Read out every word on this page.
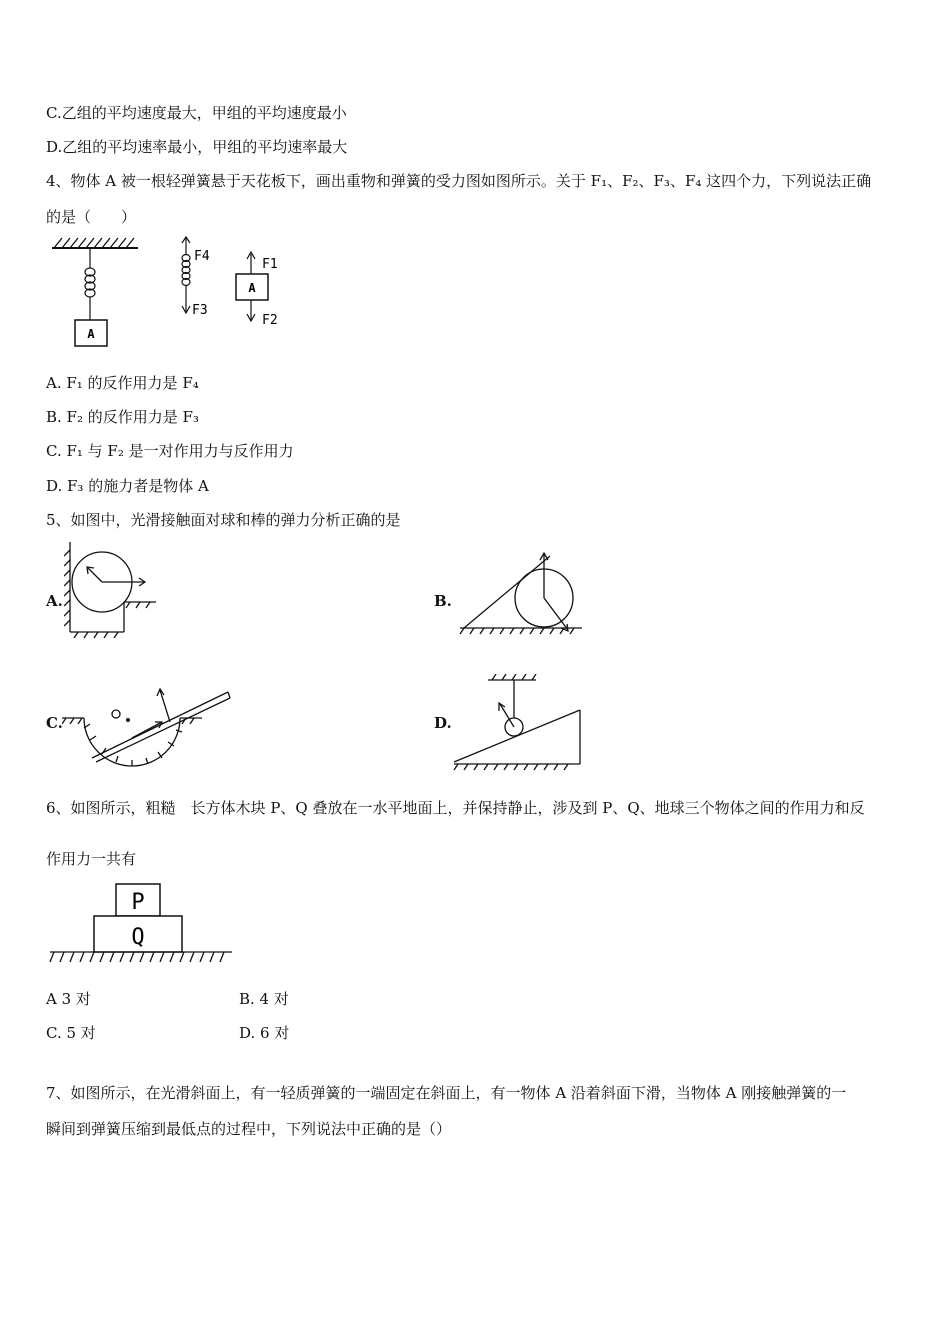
C.乙组的平均速度最大，甲组的平均速度最小
D.乙组的平均速率最小，甲组的平均速率最大
4、物体 A 被一根轻弹簧悬于天花板下，画出重物和弹簧的受力图如图所示。关于 F₁、F₂、F₃、F₄ 这四个力，下列说法正确
的是（　　）
A
F4
F3
A
F1
F2
A. F₁ 的反作用力是 F₄
B. F₂ 的反作用力是 F₃
C. F₁ 与 F₂ 是一对作用力与反作用力
D. F₃ 的施力者是物体 A
5、如图中，光滑接触面对球和棒的弹力分析正确的是
A.	B.
C.	D.
6、如图所示，粗糙　长方体木块 P、Q 叠放在一水平地面上，并保持静止，涉及到 P、Q、地球三个物体之间的作用力和反
作用力一共有
P
Q
A 3 对	B. 4 对
C. 5 对	D. 6 对
7、如图所示，在光滑斜面上，有一轻质弹簧的一端固定在斜面上，有一物体 A 沿着斜面下滑，当物体 A 刚接触弹簧的一
瞬间到弹簧压缩到最低点的过程中，下列说法中正确的是（）
